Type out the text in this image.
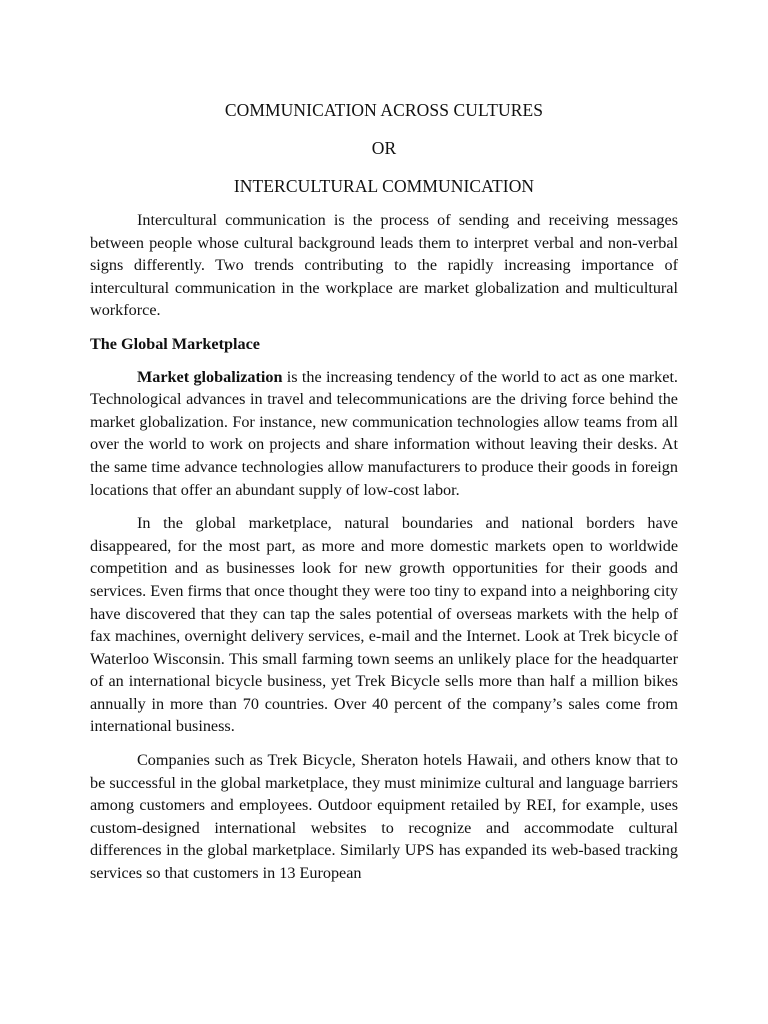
COMMUNICATION ACROSS CULTURES
OR
INTERCULTURAL COMMUNICATION

Intercultural communication is the process of sending and receiving messages between people whose cultural background leads them to interpret verbal and non-verbal signs differently. Two trends contributing to the rapidly increasing importance of intercultural communication in the workplace are market globalization and multicultural workforce.

The Global Marketplace

Market globalization is the increasing tendency of the world to act as one market. Technological advances in travel and telecommunications are the driving force behind the market globalization. For instance, new communication technologies allow teams from all over the world to work on projects and share information without leaving their desks. At the same time advance technologies allow manufacturers to produce their goods in foreign locations that offer an abundant supply of low-cost labor.

In the global marketplace, natural boundaries and national borders have disappeared, for the most part, as more and more domestic markets open to worldwide competition and as businesses look for new growth opportunities for their goods and services. Even firms that once thought they were too tiny to expand into a neighboring city have discovered that they can tap the sales potential of overseas markets with the help of fax machines, overnight delivery services, e-mail and the Internet. Look at Trek bicycle of Waterloo Wisconsin. This small farming town seems an unlikely place for the headquarter of an international bicycle business, yet Trek Bicycle sells more than half a million bikes annually in more than 70 countries. Over 40 percent of the company’s sales come from international business.

Companies such as Trek Bicycle, Sheraton hotels Hawaii, and others know that to be successful in the global marketplace, they must minimize cultural and language barriers among customers and employees. Outdoor equipment retailed by REI, for example, uses custom-designed international websites to recognize and accommodate cultural differences in the global marketplace. Similarly UPS has expanded its web-based tracking services so that customers in 13 European
